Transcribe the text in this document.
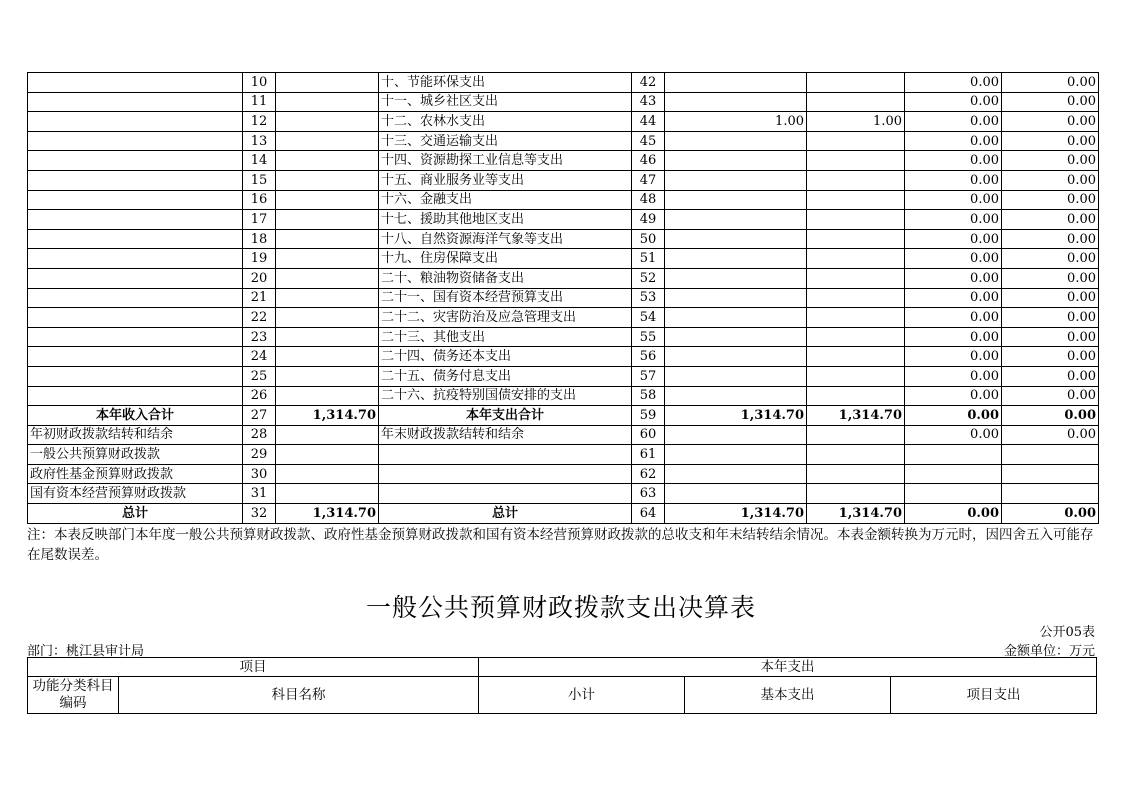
	10		十、节能环保支出	42			0.00	0.00
	11		十一、城乡社区支出	43			0.00	0.00
	12		十二、农林水支出	44	1.00	1.00	0.00	0.00
	13		十三、交通运输支出	45			0.00	0.00
	14		十四、资源勘探工业信息等支出	46			0.00	0.00
	15		十五、商业服务业等支出	47			0.00	0.00
	16		十六、金融支出	48			0.00	0.00
	17		十七、援助其他地区支出	49			0.00	0.00
	18		十八、自然资源海洋气象等支出	50			0.00	0.00
	19		十九、住房保障支出	51			0.00	0.00
	20		二十、粮油物资储备支出	52			0.00	0.00
	21		二十一、国有资本经营预算支出	53			0.00	0.00
	22		二十二、灾害防治及应急管理支出	54			0.00	0.00
	23		二十三、其他支出	55			0.00	0.00
	24		二十四、债务还本支出	56			0.00	0.00
	25		二十五、债务付息支出	57			0.00	0.00
	26		二十六、抗疫特别国债安排的支出	58			0.00	0.00
本年收入合计	27	1,314.70	本年支出合计	59	1,314.70	1,314.70	0.00	0.00
年初财政拨款结转和结余	28		年末财政拨款结转和结余	60			0.00	0.00
一般公共预算财政拨款	29			61				
政府性基金预算财政拨款	30			62				
国有资本经营预算财政拨款	31			63				
总计	32	1,314.70	总计	64	1,314.70	1,314.70	0.00	0.00
注：本表反映部门本年度一般公共预算财政拨款、政府性基金预算财政拨款和国有资本经营预算财政拨款的总收支和年末结转结余情况。本表金额转换为万元时，因四舍五入可能存在尾数误差。
一般公共预算财政拨款支出决算表
公开05表
部门：桃江县审计局	金额单位：万元
项目		本年支出		
功能分类科目编码	科目名称	小计	基本支出	项目支出
